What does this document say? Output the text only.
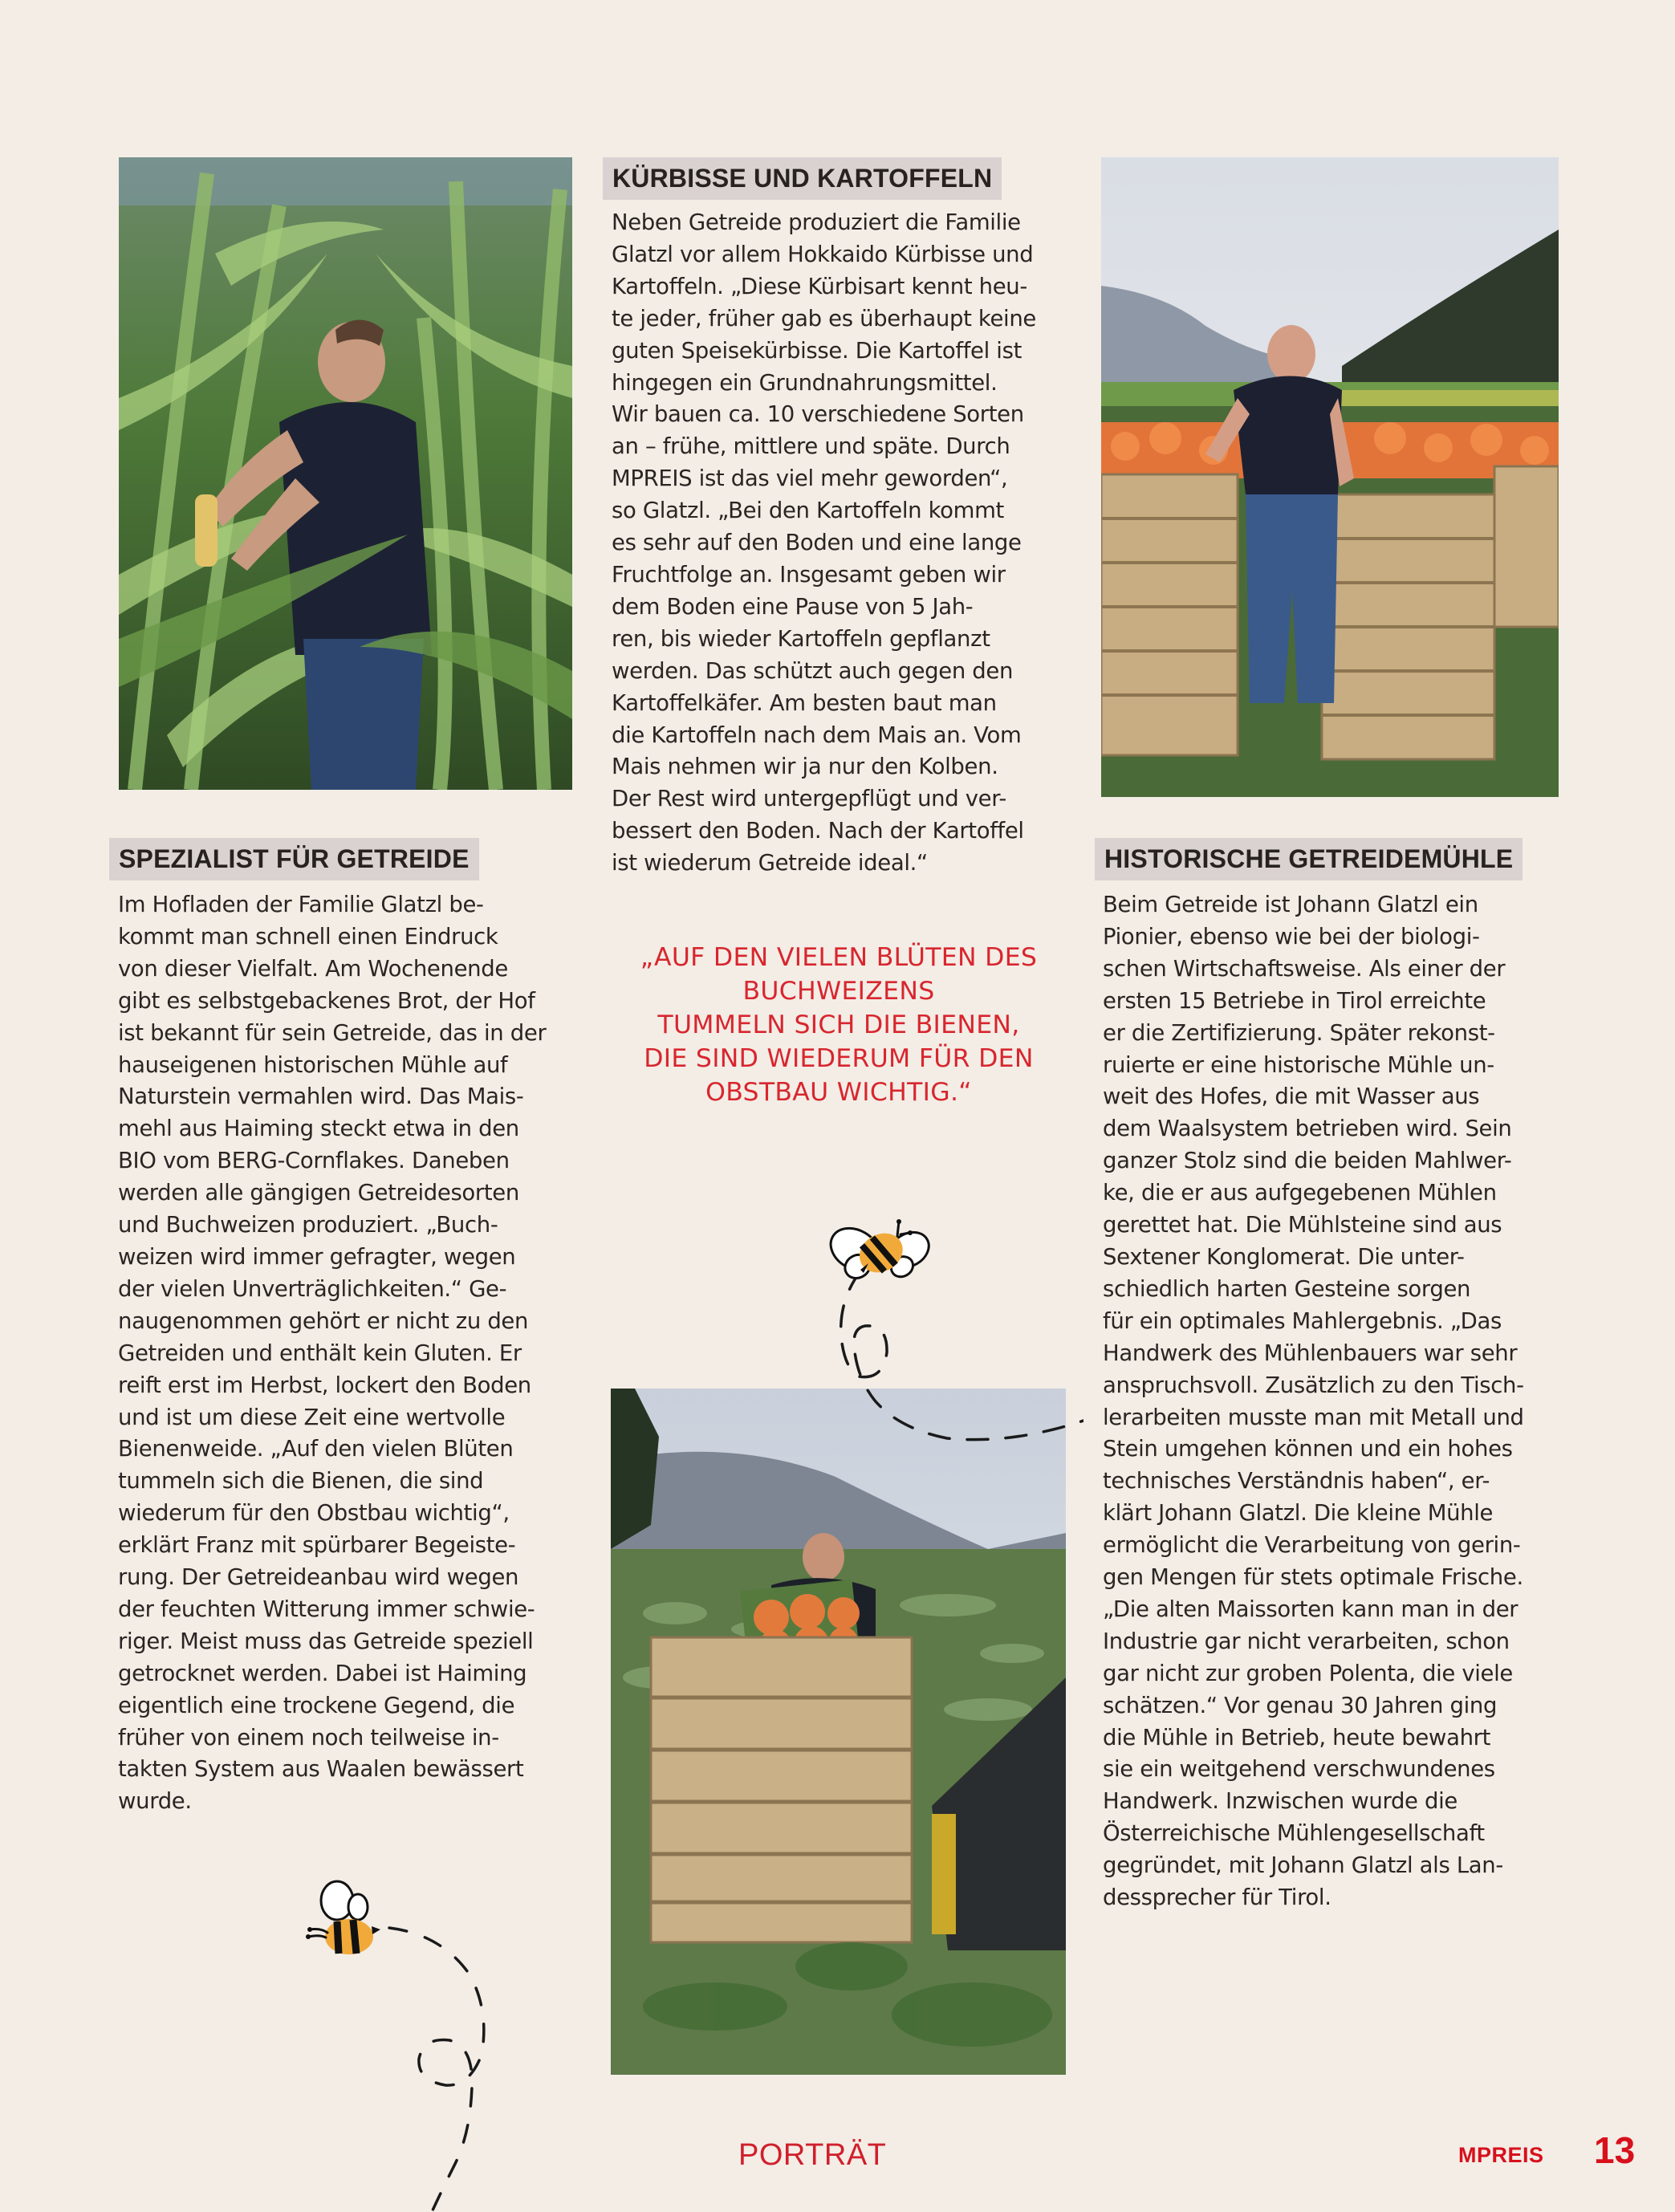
KÜRBISSE UND KARTOFFELN
Neben Getreide produziert die Familie
Glatzl vor allem Hokkaido Kürbisse und
Kartoffeln. „Diese Kürbisart kennt heu-
te jeder, früher gab es überhaupt keine
guten Speisekürbisse. Die Kartoffel ist
hingegen ein Grundnahrungsmittel.
Wir bauen ca. 10 verschiedene Sorten
an – frühe, mittlere und späte. Durch
MPREIS ist das viel mehr geworden“,
so Glatzl. „Bei den Kartoffeln kommt
es sehr auf den Boden und eine lange
Fruchtfolge an. Insgesamt geben wir
dem Boden eine Pause von 5 Jah-
ren, bis wieder Kartoffeln gepflanzt
werden. Das schützt auch gegen den
Kartoffelkäfer. Am besten baut man
die Kartoffeln nach dem Mais an. Vom
Mais nehmen wir ja nur den Kolben.
Der Rest wird untergepflügt und ver-
bessert den Boden. Nach der Kartoffel
ist wiederum Getreide ideal.“
SPEZIALIST FÜR GETREIDE
Im Hofladen der Familie Glatzl be-
kommt man schnell einen Eindruck
von dieser Vielfalt. Am Wochenende
gibt es selbstgebackenes Brot, der Hof
ist bekannt für sein Getreide, das in der
hauseigenen historischen Mühle auf
Naturstein vermahlen wird. Das Mais-
mehl aus Haiming steckt etwa in den
BIO vom BERG-Cornflakes. Daneben
werden alle gängigen Getreidesorten
und Buchweizen produziert. „Buch-
weizen wird immer gefragter, wegen
der vielen Unverträglichkeiten.“ Ge-
naugenommen gehört er nicht zu den
Getreiden und enthält kein Gluten. Er
reift erst im Herbst, lockert den Boden
und ist um diese Zeit eine wertvolle
Bienenweide. „Auf den vielen Blüten
tummeln sich die Bienen, die sind
wiederum für den Obstbau wichtig“,
erklärt Franz mit spürbarer Begeiste-
rung. Der Getreideanbau wird wegen
der feuchten Witterung immer schwie-
riger. Meist muss das Getreide speziell
getrocknet werden. Dabei ist Haiming
eigentlich eine trockene Gegend, die
früher von einem noch teilweise in-
takten System aus Waalen bewässert
wurde.
HISTORISCHE GETREIDEMÜHLE
Beim Getreide ist Johann Glatzl ein
Pionier, ebenso wie bei der biologi-
schen Wirtschaftsweise. Als einer der
ersten 15 Betriebe in Tirol erreichte
er die Zertifizierung. Später rekonst-
ruierte er eine historische Mühle un-
weit des Hofes, die mit Wasser aus
dem Waalsystem betrieben wird. Sein
ganzer Stolz sind die beiden Mahlwer-
ke, die er aus aufgegebenen Mühlen
gerettet hat. Die Mühlsteine sind aus
Sextener Konglomerat. Die unter-
schiedlich harten Gesteine sorgen
für ein optimales Mahlergebnis. „Das
Handwerk des Mühlenbauers war sehr
anspruchsvoll. Zusätzlich zu den Tisch-
lerarbeiten musste man mit Metall und
Stein umgehen können und ein hohes
technisches Verständnis haben“, er-
klärt Johann Glatzl. Die kleine Mühle
ermöglicht die Verarbeitung von gerin-
gen Mengen für stets optimale Frische.
„Die alten Maissorten kann man in der
Industrie gar nicht verarbeiten, schon
gar nicht zur groben Polenta, die viele
schätzen.“ Vor genau 30 Jahren ging
die Mühle in Betrieb, heute bewahrt
sie ein weitgehend verschwundenes
Handwerk. Inzwischen wurde die
Österreichische Mühlengesellschaft
gegründet, mit Johann Glatzl als Lan-
dessprecher für Tirol.
„AUF DEN VIELEN BLÜTEN DES
BUCHWEIZENS
TUMMELN SICH DIE BIENEN,
DIE SIND WIEDERUM FÜR DEN
OBSTBAU WICHTIG.“
PORTRÄT	MPREIS 13
